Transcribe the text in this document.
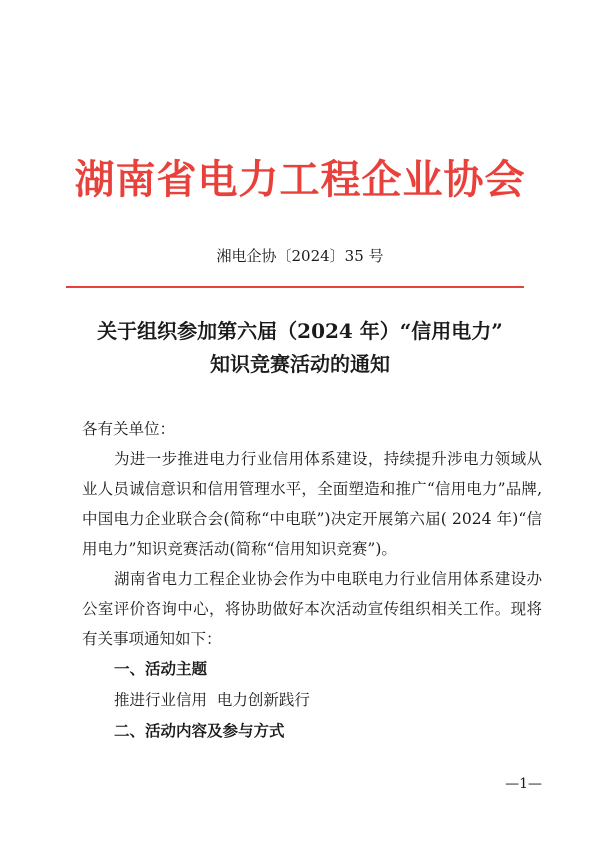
湖南省电力工程企业协会
湘电企协〔2024〕35 号
关于组织参加第六届（2024 年）“信用电力”
知识竞赛活动的通知
各有关单位：

为进一步推进电力行业信用体系建设，持续提升涉电力领域从业人员诚信意识和信用管理水平，全面塑造和推广“信用电力”品牌,中国电力企业联合会(简称“中电联”)决定开展第六届( 2024 年)“信用电力”知识竞赛活动(简称“信用知识竞赛”)。

湖南省电力工程企业协会作为中电联电力行业信用体系建设办公室评价咨询中心，将协助做好本次活动宣传组织相关工作。现将有关事项通知如下：

一、活动主题
推进行业信用  电力创新践行
二、活动内容及参与方式
—1—
